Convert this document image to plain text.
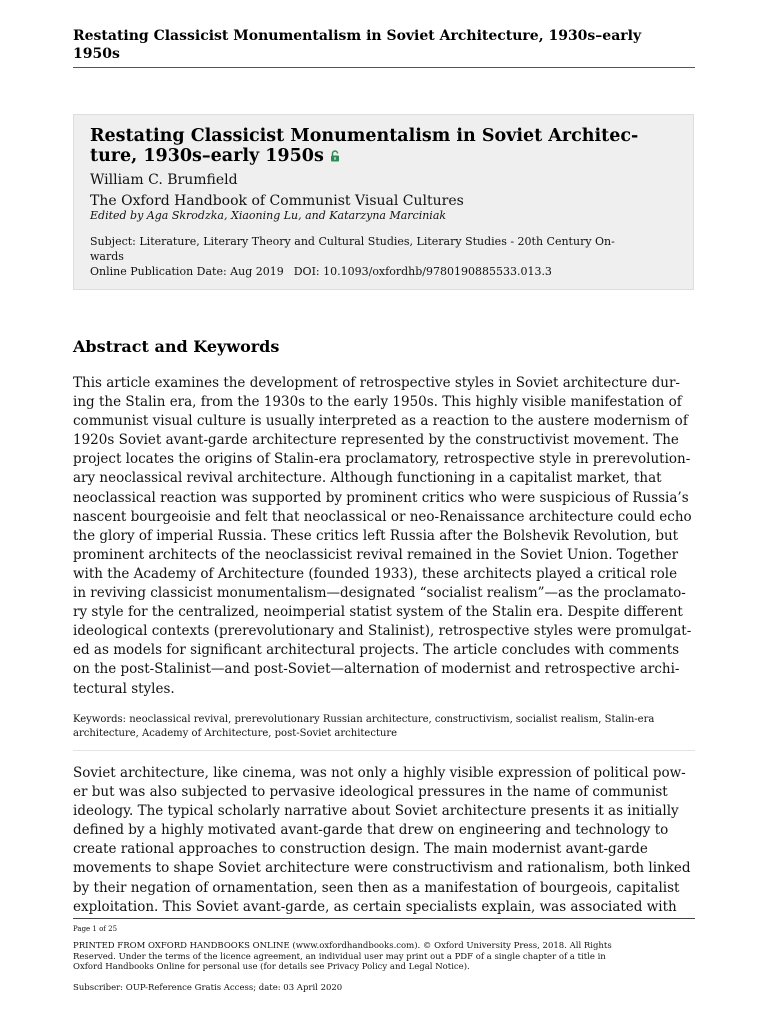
Restating Classicist Monumentalism in Soviet Architecture, 1930s–early
1950s
Restating Classicist Monumentalism in Soviet Architec-
ture, 1930s–early 1950s
William C. Brumfield
The Oxford Handbook of Communist Visual Cultures
Edited by Aga Skrodzka, Xiaoning Lu, and Katarzyna Marciniak
Subject: Literature, Literary Theory and Cultural Studies, Literary Studies - 20th Century On-
wards
Online Publication Date: Aug 2019 DOI: 10.1093/oxfordhb/9780190885533.013.3
Abstract and Keywords
This article examines the development of retrospective styles in Soviet architecture dur-
ing the Stalin era, from the 1930s to the early 1950s. This highly visible manifestation of
communist visual culture is usually interpreted as a reaction to the austere modernism of
1920s Soviet avant-garde architecture represented by the constructivist movement. The
project locates the origins of Stalin-era proclamatory, retrospective style in prerevolution-
ary neoclassical revival architecture. Although functioning in a capitalist market, that
neoclassical reaction was supported by prominent critics who were suspicious of Russia’s
nascent bourgeoisie and felt that neoclassical or neo-Renaissance architecture could echo
the glory of imperial Russia. These critics left Russia after the Bolshevik Revolution, but
prominent architects of the neoclassicist revival remained in the Soviet Union. Together
with the Academy of Architecture (founded 1933), these architects played a critical role
in reviving classicist monumentalism—designated “socialist realism”—as the proclamato-
ry style for the centralized, neoimperial statist system of the Stalin era. Despite different
ideological contexts (prerevolutionary and Stalinist), retrospective styles were promulgat-
ed as models for significant architectural projects. The article concludes with comments
on the post-Stalinist—and post-Soviet—alternation of modernist and retrospective archi-
tectural styles.
Keywords: neoclassical revival, prerevolutionary Russian architecture, constructivism, socialist realism, Stalin-era
architecture, Academy of Architecture, post-Soviet architecture
Soviet architecture, like cinema, was not only a highly visible expression of political pow-
er but was also subjected to pervasive ideological pressures in the name of communist
ideology. The typical scholarly narrative about Soviet architecture presents it as initially
defined by a highly motivated avant-garde that drew on engineering and technology to
create rational approaches to construction design. The main modernist avant-garde
movements to shape Soviet architecture were constructivism and rationalism, both linked
by their negation of ornamentation, seen then as a manifestation of bourgeois, capitalist
exploitation. This Soviet avant-garde, as certain specialists explain, was associated with
Page 1 of 25
PRINTED FROM OXFORD HANDBOOKS ONLINE (www.oxfordhandbooks.com). © Oxford University Press, 2018. All Rights
Reserved. Under the terms of the licence agreement, an individual user may print out a PDF of a single chapter of a title in
Oxford Handbooks Online for personal use (for details see Privacy Policy and Legal Notice).
Subscriber: OUP-Reference Gratis Access; date: 03 April 2020
